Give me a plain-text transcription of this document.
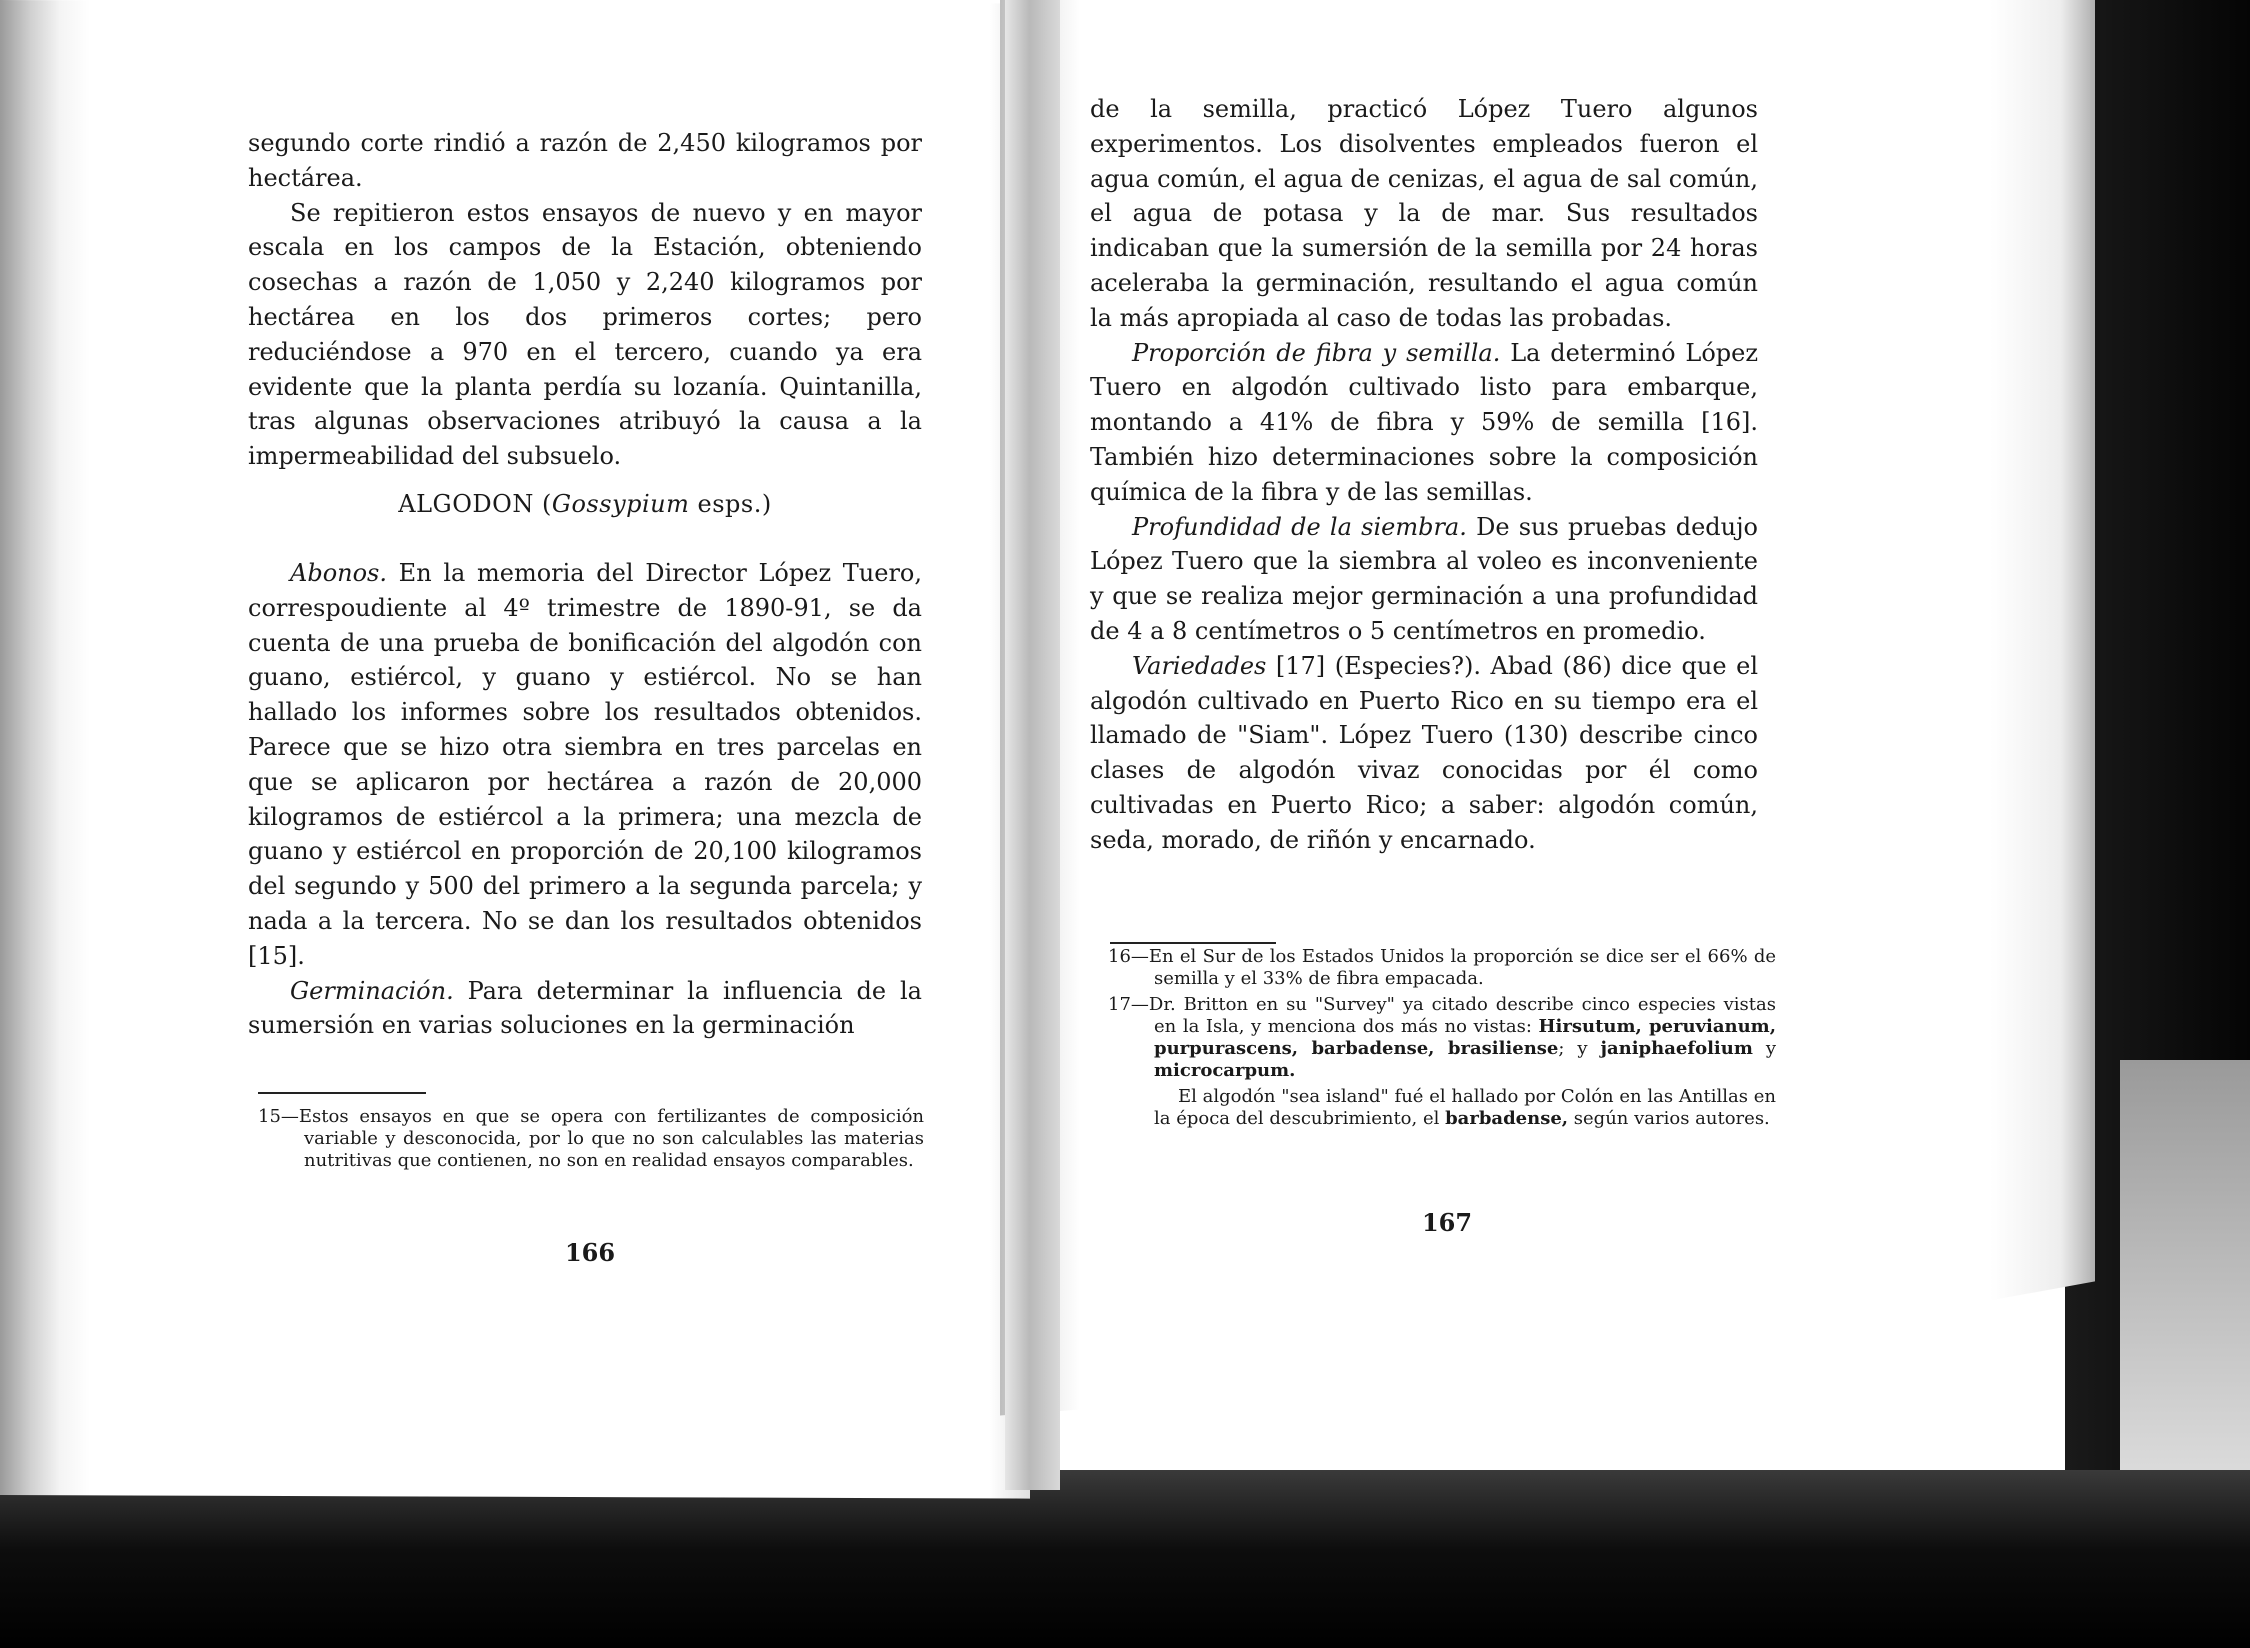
segundo corte rindió a razón de 2,450 kilogramos por hectárea.

Se repitieron estos ensayos de nuevo y en mayor escala en los campos de la Estación, obteniendo cosechas a razón de 1,050 y 2,240 kilogramos por hectárea en los dos primeros cortes; pero reduciéndose a 970 en el tercero, cuando ya era evidente que la planta perdía su lozanía. Quintanilla, tras algunas observaciones atribuyó la causa a la impermeabilidad del subsuelo.

ALGODON (Gossypium esps.)

Abonos. En la memoria del Director López Tuero, correspoudiente al 4º trimestre de 1890-91, se da cuenta de una prueba de bonificación del algodón con guano, estiércol, y guano y estiércol. No se han hallado los informes sobre los resultados obtenidos. Parece que se hizo otra siembra en tres parcelas en que se aplicaron por hectárea a razón de 20,000 kilogramos de estiércol a la primera; una mezcla de guano y estiércol en proporción de 20,100 kilogramos del segundo y 500 del primero a la segunda parcela; y nada a la tercera. No se dan los resultados obtenidos [15].

Germinación. Para determinar la influencia de la sumersión en varias soluciones en la germinación

15—Estos ensayos en que se opera con fertilizantes de composición variable y desconocida, por lo que no son calculables las materias nutritivas que contienen, no son en realidad ensayos comparables.

166

de la semilla, practicó López Tuero algunos experimentos. Los disolventes empleados fueron el agua común, el agua de cenizas, el agua de sal común, el agua de potasa y la de mar. Sus resultados indicaban que la sumersión de la semilla por 24 horas aceleraba la germinación, resultando el agua común la más apropiada al caso de todas las probadas.

Proporción de fibra y semilla. La determinó López Tuero en algodón cultivado listo para embarque, montando a 41% de fibra y 59% de semilla [16]. También hizo determinaciones sobre la composición química de la fibra y de las semillas.

Profundidad de la siembra. De sus pruebas dedujo López Tuero que la siembra al voleo es inconveniente y que se realiza mejor germinación a una profundidad de 4 a 8 centímetros o 5 centímetros en promedio.

Variedades [17] (Especies?). Abad (86) dice que el algodón cultivado en Puerto Rico en su tiempo era el llamado de "Siam". López Tuero (130) describe cinco clases de algodón vivaz conocidas por él como cultivadas en Puerto Rico; a saber: algodón común, seda, morado, de riñón y encarnado.

16—En el Sur de los Estados Unidos la proporción se dice ser el 66% de semilla y el 33% de fibra empacada.

17—Dr. Britton en su "Survey" ya citado describe cinco especies vistas en la Isla, y menciona dos más no vistas: Hirsutum, peruvianum, purpurascens, barbadense, brasiliense; y janiphaefolium y microcarpum.

El algodón "sea island" fué el hallado por Colón en las Antillas en la época del descubrimiento, el barbadense, según varios autores.

167
